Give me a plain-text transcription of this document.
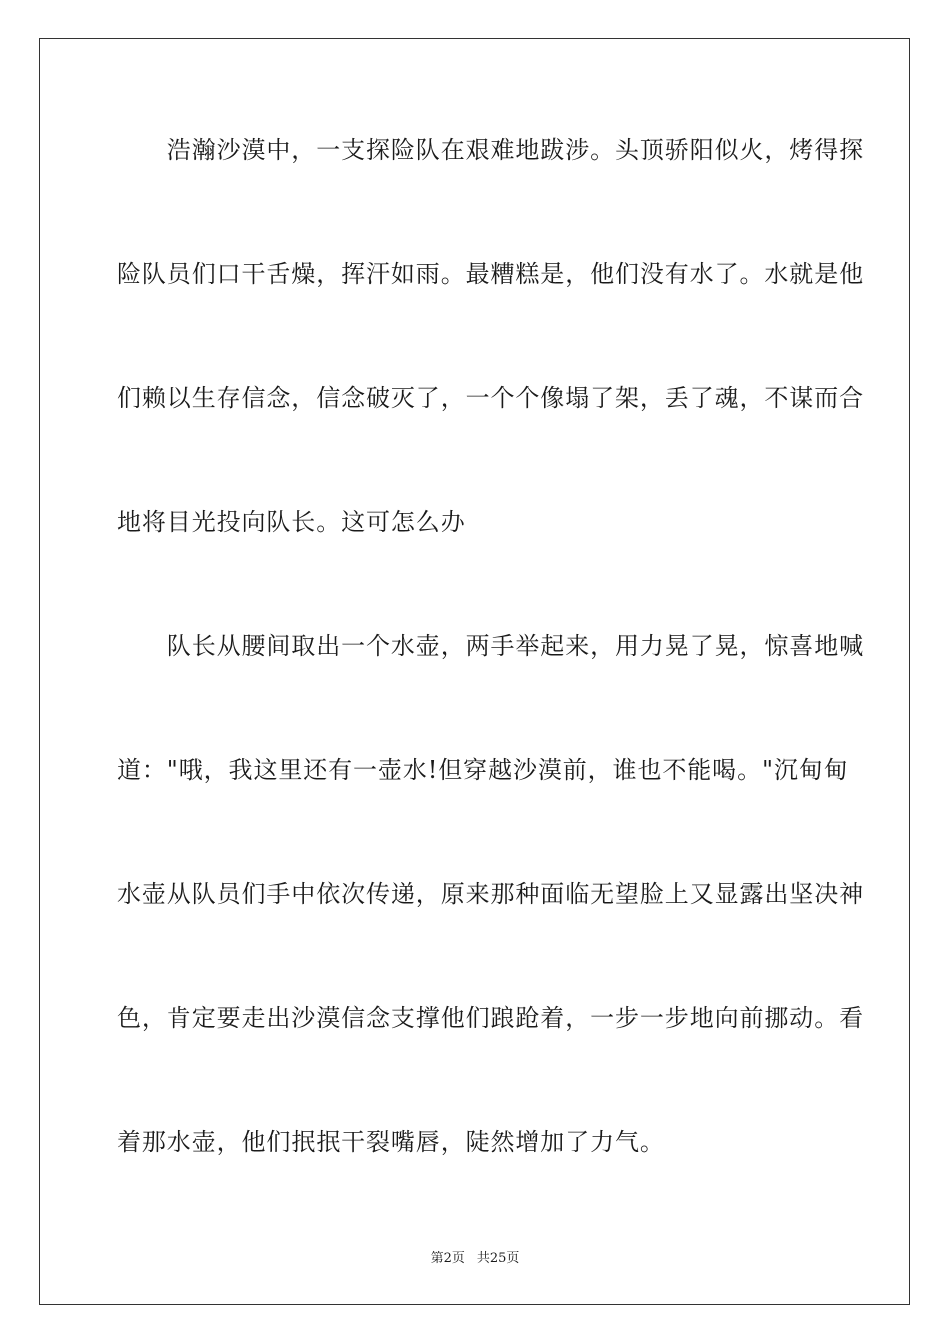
　　浩瀚沙漠中，一支探险队在艰难地跋涉。头顶骄阳似火，烤得探
险队员们口干舌燥，挥汗如雨。最糟糕是，他们没有水了。水就是他
们赖以生存信念，信念破灭了，一个个像塌了架，丢了魂，不谋而合
地将目光投向队长。这可怎么办
　　队长从腰间取出一个水壶，两手举起来，用力晃了晃，惊喜地喊
道："哦，我这里还有一壶水!但穿越沙漠前，谁也不能喝。"沉甸甸
水壶从队员们手中依次传递，原来那种面临无望脸上又显露出坚决神
色，肯定要走出沙漠信念支撑他们踉跄着，一步一步地向前挪动。看
着那水壶，他们抿抿干裂嘴唇，陡然增加了力气。
第2页 共25页
